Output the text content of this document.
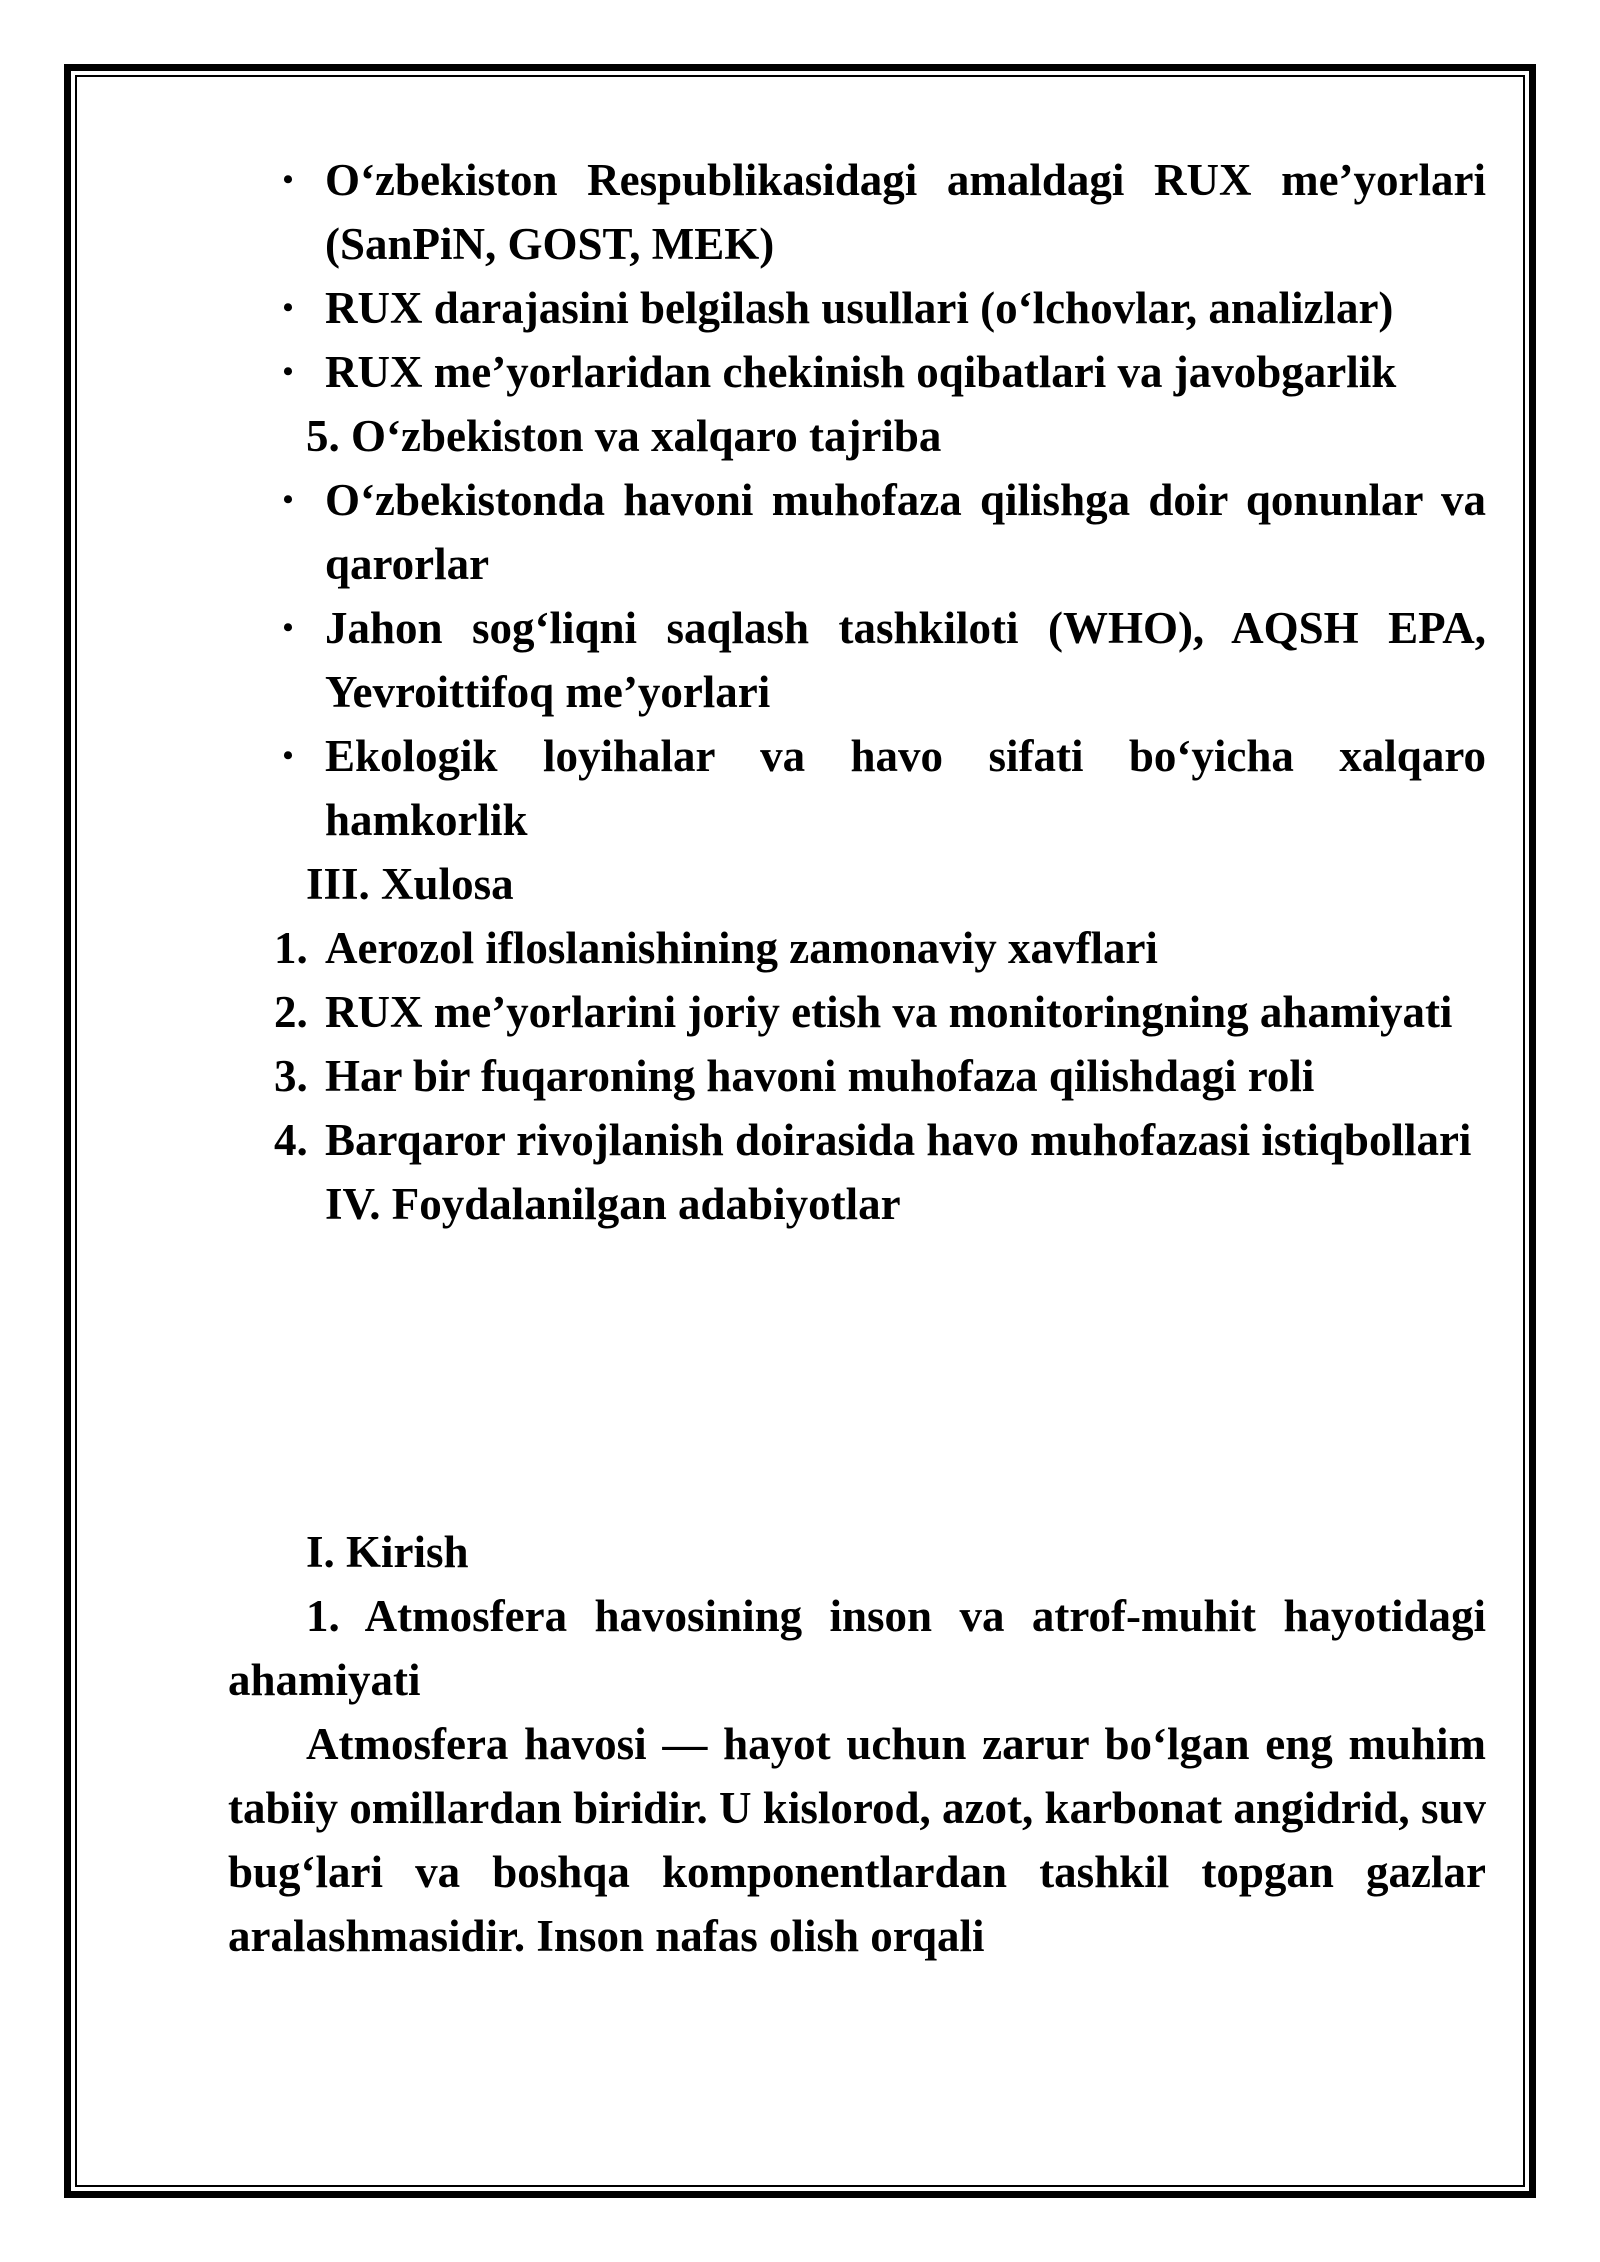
• Oʻzbekiston Respublikasidagi amaldagi RUX me’yorlari (SanPiN, GOST, MEK)
• RUX darajasini belgilash usullari (oʻlchovlar, analizlar)
• RUX me’yorlaridan chekinish oqibatlari va javobgarlik
5. Oʻzbekiston va xalqaro tajriba
• Oʻzbekistonda havoni muhofaza qilishga doir qonunlar va qarorlar
• Jahon sogʻliqni saqlash tashkiloti (WHO), AQSH EPA, Yevroittifoq me’yorlari
• Ekologik loyihalar va havo sifati boʻyicha xalqaro hamkorlik
III. Xulosa
1. Aerozol ifloslanishining zamonaviy xavflari
2. RUX me’yorlarini joriy etish va monitoringning ahamiyati
3. Har bir fuqaroning havoni muhofaza qilishdagi roli
4. Barqaror rivojlanish doirasida havo muhofazasi istiqbollari
IV. Foydalanilgan adabiyotlar
I. Kirish
1. Atmosfera havosining inson va atrof-muhit hayotidagi ahamiyati
Atmosfera havosi — hayot uchun zarur boʻlgan eng muhim tabiiy omillardan biridir. U kislorod, azot, karbonat angidrid, suv bugʻlari va boshqa komponentlardan tashkil topgan gazlar aralashmasidir. Inson nafas olish orqali
